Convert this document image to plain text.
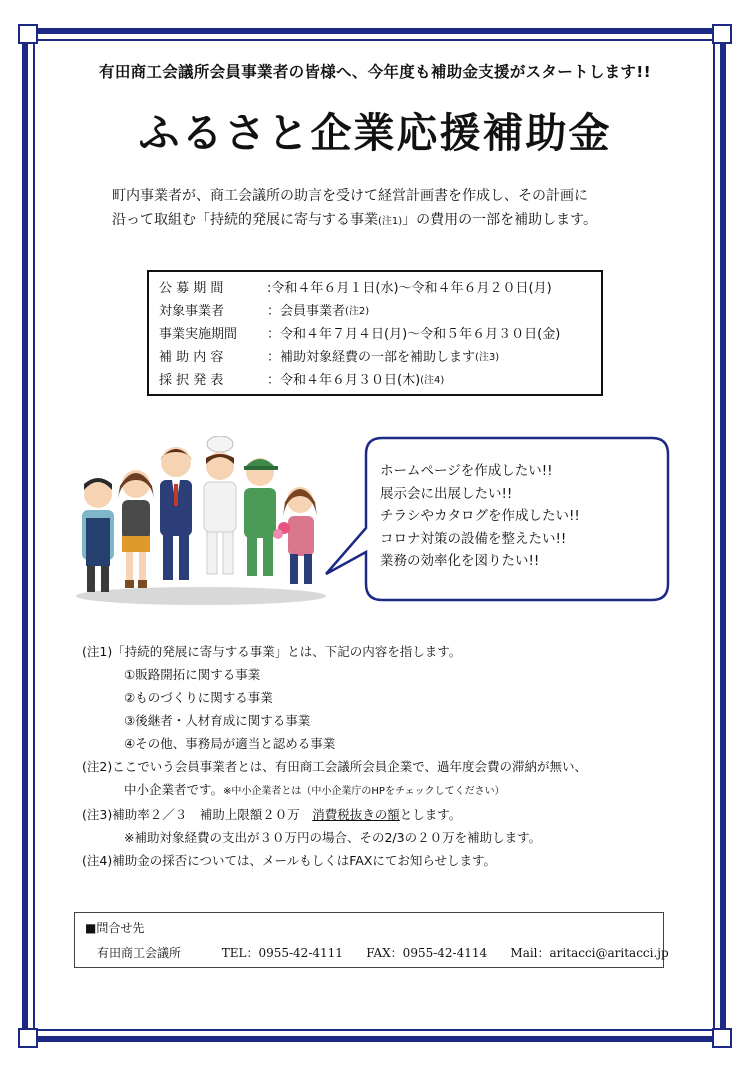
有田商工会議所会員事業者の皆様へ、今年度も補助金支援がスタートします!!
ふるさと企業応援補助金
町内事業者が、商工会議所の助言を受けて経営計画書を作成し、その計画に
沿って取組む「持続的発展に寄与する事業(注1)」の費用の一部を補助します。
公 募 期 間	:令和４年６月１日(水)～令和４年６月２０日(月)
対象事業者	：会員事業者 (注2)
事業実施期間	：令和４年７月４日(月)～令和５年６月３０日(金)
補 助 内 容	：補助対象経費の一部を補助します (注3)
採 択 発 表	：令和４年６月３０日(木) (注4)
ホームページを作成したい!!
展示会に出展したい!!
チラシやカタログを作成したい!!
コロナ対策の設備を整えたい!!
業務の効率化を図りたい!!
(注1)「持続的発展に寄与する事業」とは、下記の内容を指します。
①販路開拓に関する事業
②ものづくりに関する事業
③後継者・人材育成に関する事業
④その他、事務局が適当と認める事業
(注2)ここでいう会員事業者とは、有田商工会議所会員企業で、過年度会費の滞納が無い、
中小企業者です。※中小企業者とは（中小企業庁のHPをチェックしてください）
(注3)補助率２／３　補助上限額２０万　消費税抜きの額とします。
※補助対象経費の支出が３０万円の場合、その2/3の２０万を補助します。
(注4)補助金の採否については、メールもしくはFAXにてお知らせします。
■問合せ先
有田商工会議所	TEL：0955-42-4111 FAX：0955-42-4114 Mail：aritacci@aritacci.jp
